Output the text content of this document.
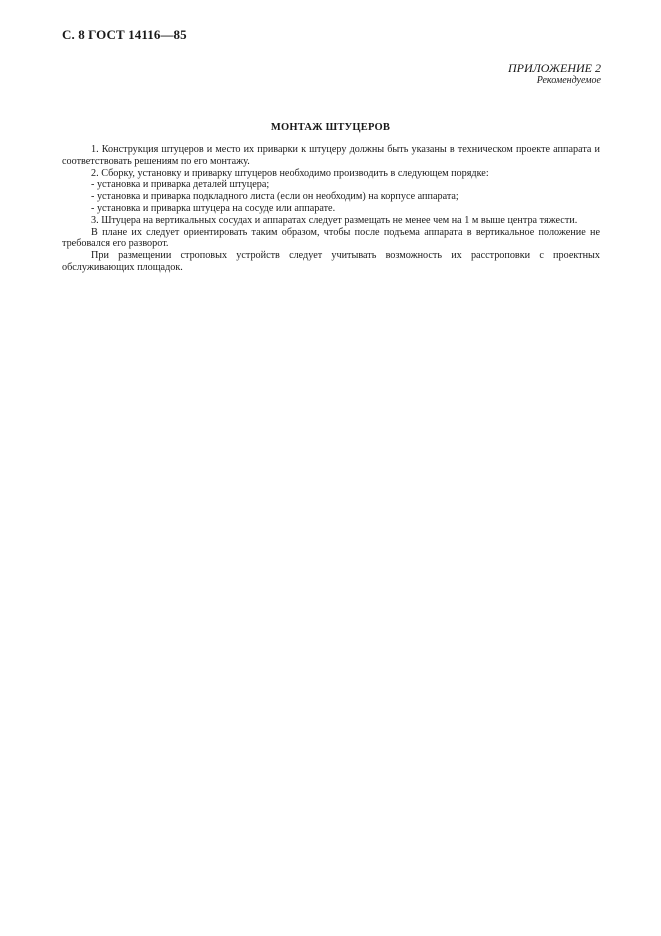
С. 8 ГОСТ 14116—85
ПРИЛОЖЕНИЕ 2
Рекомендуемое
МОНТАЖ ШТУЦЕРОВ

1. Конструкция штуцеров и место их приварки к штуцеру должны быть указаны в техническом проекте аппарата и соответствовать решениям по его монтажу.

2. Сборку, установку и приварку штуцеров необходимо производить в следующем порядке:

- установка и приварка деталей штуцера;

- установка и приварка подкладного листа (если он необходим) на корпусе аппарата;

- установка и приварка штуцера на сосуде или аппарате.

3. Штуцера на вертикальных сосудах и аппаратах следует размещать не менее чем на 1 м выше центра тяжести.

В плане их следует ориентировать таким образом, чтобы после подъема аппарата в вертикальное положение не требовался его разворот.

При размещении строповых устройств следует учитывать возможность их расстроповки с проектных обслуживающих площадок.
